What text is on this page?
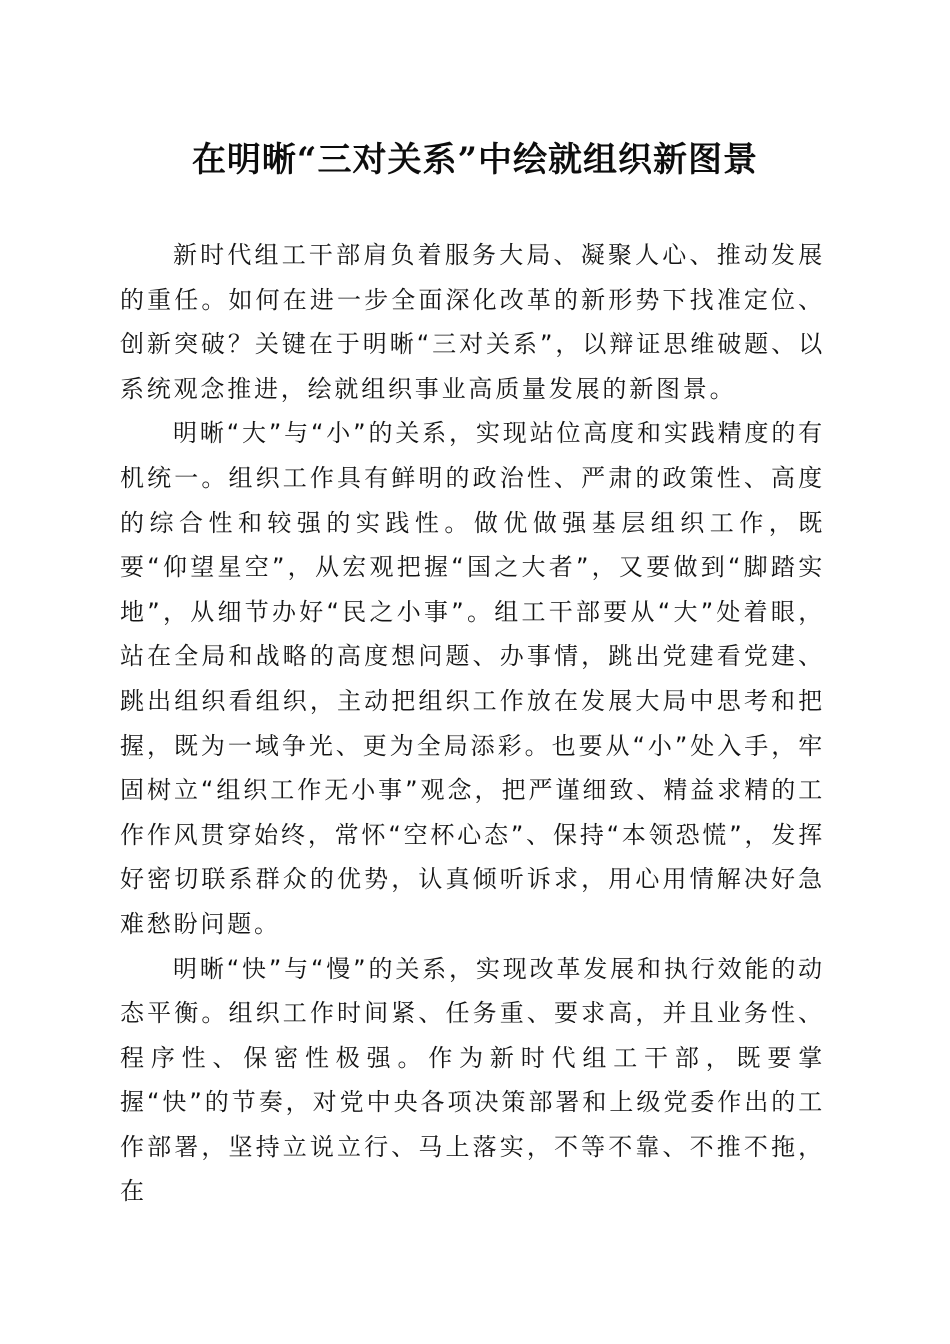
在明晰“三对关系”中绘就组织新图景

新时代组工干部肩负着服务大局、凝聚人心、推动发展的重任。如何在进一步全面深化改革的新形势下找准定位、创新突破？关键在于明晰“三对关系”，以辩证思维破题、以系统观念推进，绘就组织事业高质量发展的新图景。

明晰“大”与“小”的关系，实现站位高度和实践精度的有机统一。组织工作具有鲜明的政治性、严肃的政策性、高度的综合性和较强的实践性。做优做强基层组织工作，既要“仰望星空”，从宏观把握“国之大者”，又要做到“脚踏实地”，从细节办好“民之小事”。组工干部要从“大”处着眼，站在全局和战略的高度想问题、办事情，跳出党建看党建、跳出组织看组织，主动把组织工作放在发展大局中思考和把握，既为一域争光、更为全局添彩。也要从“小”处入手，牢固树立“组织工作无小事”观念，把严谨细致、精益求精的工作作风贯穿始终，常怀“空杯心态”、保持“本领恐慌”，发挥好密切联系群众的优势，认真倾听诉求，用心用情解决好急难愁盼问题。

明晰“快”与“慢”的关系，实现改革发展和执行效能的动态平衡。组织工作时间紧、任务重、要求高，并且业务性、程序性、保密性极强。作为新时代组工干部，既要掌握“快”的节奏，对党中央各项决策部署和上级党委作出的工作部署，坚持立说立行、马上落实，不等不靠、不推不拖，在
